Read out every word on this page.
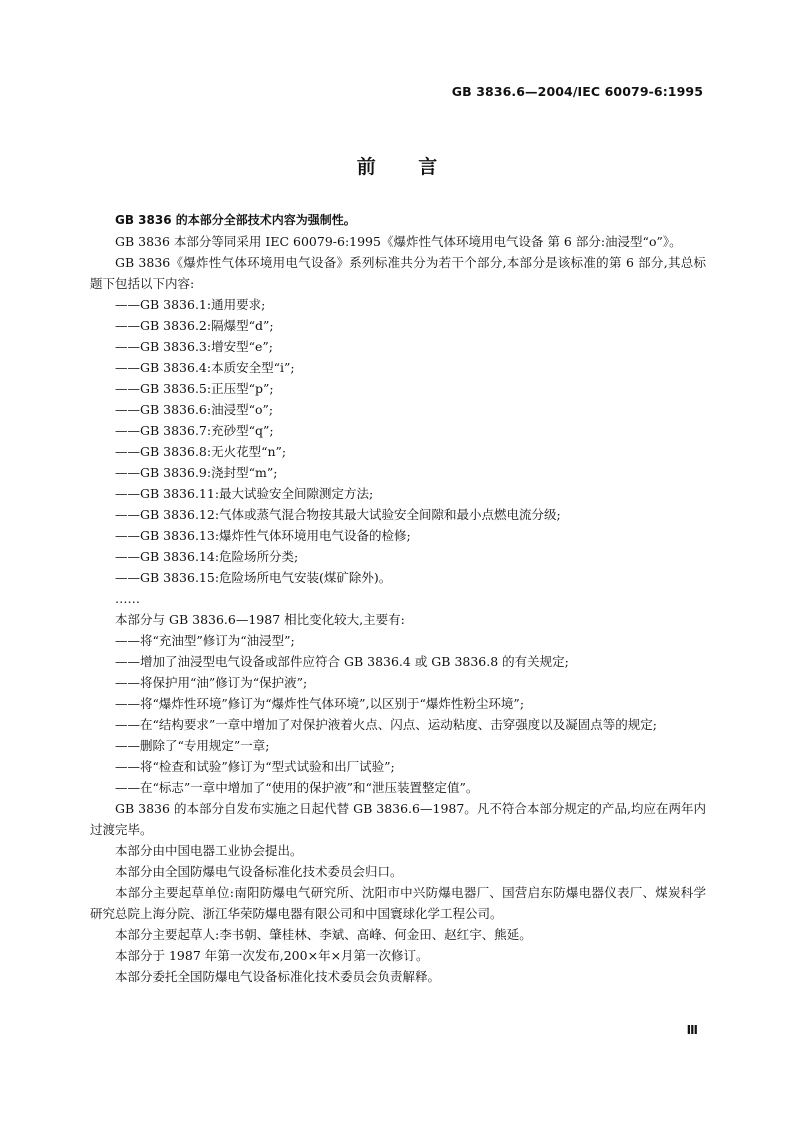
GB 3836.6—2004/IEC 60079-6:1995
前 言

GB 3836 的本部分全部技术内容为强制性。

GB 3836 本部分等同采用 IEC 60079-6:1995《爆炸性气体环境用电气设备 第 6 部分:油浸型“o”》。

GB 3836《爆炸性气体环境用电气设备》系列标准共分为若干个部分,本部分是该标准的第 6 部分,其总标题下包括以下内容:

——GB 3836.1:通用要求;

——GB 3836.2:隔爆型“d”;

——GB 3836.3:增安型“e”;

——GB 3836.4:本质安全型“i”;

——GB 3836.5:正压型“p”;

——GB 3836.6:油浸型“o”;

——GB 3836.7:充砂型“q”;

——GB 3836.8:无火花型“n”;

——GB 3836.9:浇封型“m”;

——GB 3836.11:最大试验安全间隙测定方法;

——GB 3836.12:气体或蒸气混合物按其最大试验安全间隙和最小点燃电流分级;

——GB 3836.13:爆炸性气体环境用电气设备的检修;

——GB 3836.14:危险场所分类;

——GB 3836.15:危险场所电气安装(煤矿除外)。

……

本部分与 GB 3836.6—1987 相比变化较大,主要有:

——将“充油型”修订为“油浸型”;

——增加了油浸型电气设备或部件应符合 GB 3836.4 或 GB 3836.8 的有关规定;

——将保护用“油”修订为“保护液”;

——将“爆炸性环境”修订为“爆炸性气体环境”,以区别于“爆炸性粉尘环境”;

——在“结构要求”一章中增加了对保护液着火点、闪点、运动粘度、击穿强度以及凝固点等的规定;

——删除了“专用规定”一章;

——将“检查和试验”修订为“型式试验和出厂试验”;

——在“标志”一章中增加了“使用的保护液”和“泄压装置整定值”。

GB 3836 的本部分自发布实施之日起代替 GB 3836.6—1987。凡不符合本部分规定的产品,均应在两年内过渡完毕。

本部分由中国电器工业协会提出。

本部分由全国防爆电气设备标准化技术委员会归口。

本部分主要起草单位:南阳防爆电气研究所、沈阳市中兴防爆电器厂、国营启东防爆电器仪表厂、煤炭科学研究总院上海分院、浙江华荣防爆电器有限公司和中国寰球化学工程公司。

本部分主要起草人:李书朝、肇桂林、李斌、高峰、何金田、赵红宇、熊延。

本部分于 1987 年第一次发布,200×年×月第一次修订。

本部分委托全国防爆电气设备标准化技术委员会负责解释。

Ⅲ
